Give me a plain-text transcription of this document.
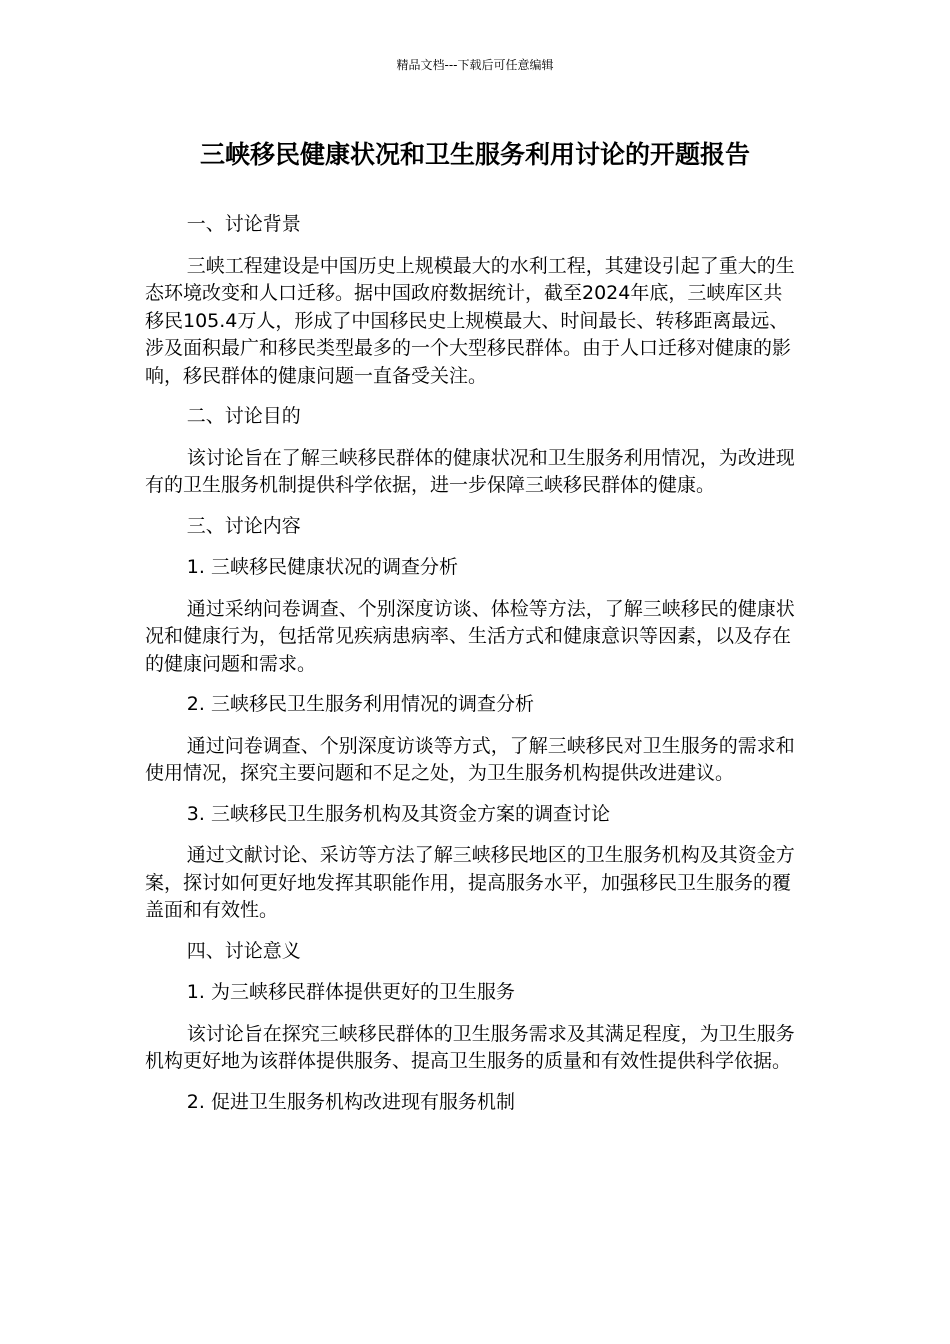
精品文档---下载后可任意编辑
三峡移民健康状况和卫生服务利用讨论的开题报告

一、讨论背景

三峡工程建设是中国历史上规模最大的水利工程，其建设引起了重大的生态环境改变和人口迁移。据中国政府数据统计，截至2024年底，三峡库区共移民105.4万人，形成了中国移民史上规模最大、时间最长、转移距离最远、涉及面积最广和移民类型最多的一个大型移民群体。由于人口迁移对健康的影响，移民群体的健康问题一直备受关注。

二、讨论目的

该讨论旨在了解三峡移民群体的健康状况和卫生服务利用情况，为改进现有的卫生服务机制提供科学依据，进一步保障三峡移民群体的健康。

三、讨论内容

1. 三峡移民健康状况的调查分析

通过采纳问卷调查、个别深度访谈、体检等方法，了解三峡移民的健康状况和健康行为，包括常见疾病患病率、生活方式和健康意识等因素，以及存在的健康问题和需求。

2. 三峡移民卫生服务利用情况的调查分析

通过问卷调查、个别深度访谈等方式，了解三峡移民对卫生服务的需求和使用情况，探究主要问题和不足之处，为卫生服务机构提供改进建议。

3. 三峡移民卫生服务机构及其资金方案的调查讨论

通过文献讨论、采访等方法了解三峡移民地区的卫生服务机构及其资金方案，探讨如何更好地发挥其职能作用，提高服务水平，加强移民卫生服务的覆盖面和有效性。

四、讨论意义

1. 为三峡移民群体提供更好的卫生服务

该讨论旨在探究三峡移民群体的卫生服务需求及其满足程度，为卫生服务机构更好地为该群体提供服务、提高卫生服务的质量和有效性提供科学依据。

2. 促进卫生服务机构改进现有服务机制
